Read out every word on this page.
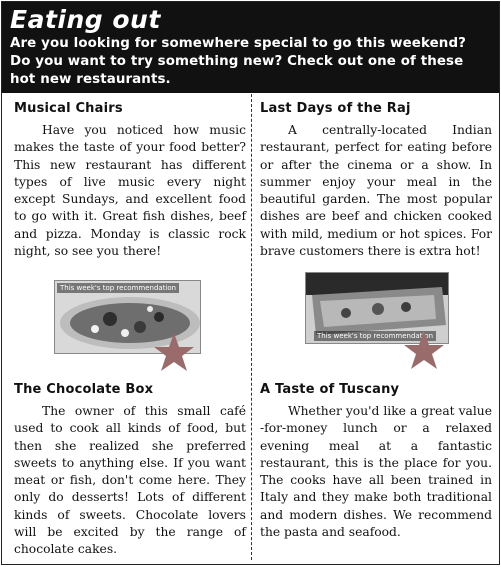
Eating out
Are you looking for somewhere special to go this weekend? Do you want to try something new? Check out one of these hot new restaurants.
Musical Chairs

Have you noticed how music makes the taste of your food better? This new restaurant has different types of live music every night except Sundays, and excellent food to go with it. Great fish dishes, beef and pizza. Monday is classic rock night, so see you there!

Last Days of the Raj

A centrally-located Indian restaurant, perfect for eating before or after the cinema or a show. In summer enjoy your meal in the beautiful garden. The most popular dishes are beef and chicken cooked with mild, medium or hot spices. For brave customers there is extra hot!

This week's top recommendation
This week's top recommendation
The Chocolate Box

The owner of this small café used to cook all kinds of food, but then she realized she preferred sweets to anything else. If you want meat or fish, don't come here. They only do desserts! Lots of different kinds of sweets. Chocolate lovers will be excited by the range of chocolate cakes.

A Taste of Tuscany

Whether you'd like a great value -for-money lunch or a relaxed evening meal at a fantastic restaurant, this is the place for you. The cooks have all been trained in Italy and they make both traditional and modern dishes. We recommend the pasta and seafood.
